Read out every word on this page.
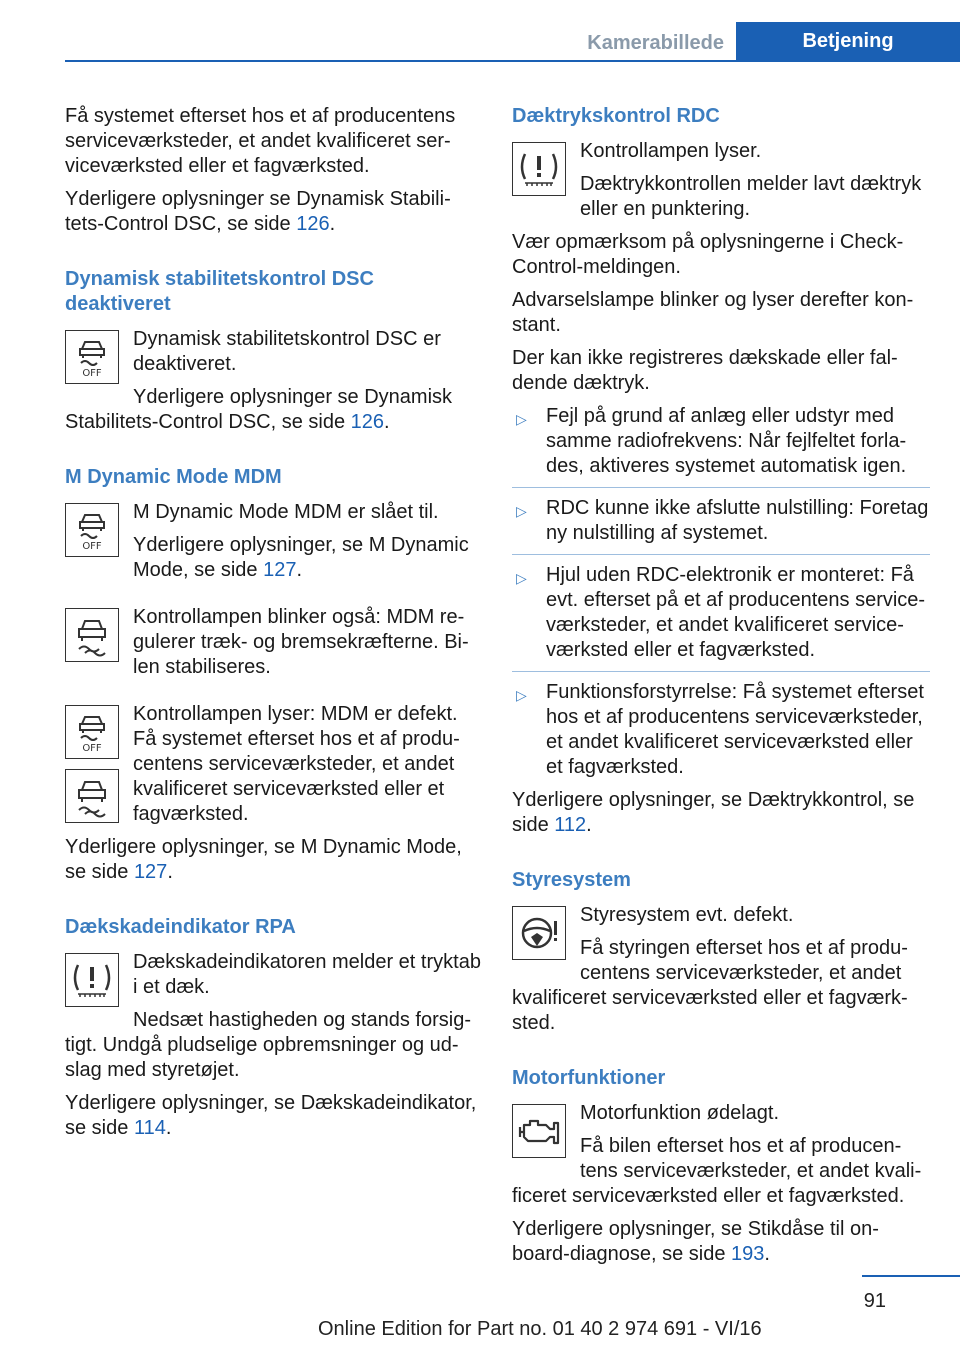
Kamerabillede	Betjening

Få systemet efterset hos et af producentens serviceværksteder, et andet kvalificeret ser‐viceværksted eller et fagværksted.

Yderligere oplysninger se Dynamisk Stabili‐tets-Control DSC, se side 126.

Dynamisk stabilitetskontrol DSC deaktiveret
OFF

Dynamisk stabilitetskontrol DSC er deaktiveret.

Yderligere oplysninger se Dynamisk Stabilitets-Control DSC, se side 126.

M Dynamic Mode MDM
OFF

M Dynamic Mode MDM er slået til.

Yderligere oplysninger, se M Dynamic Mode, se side 127.

Kontrollampen blinker også: MDM re‐gulerer træk- og bremsekræfterne. Bi‐len stabiliseres.

OFF

Kontrollampen lyser: MDM er defekt. Få systemet efterset hos et af produ‐centens serviceværksteder, et andet kvalificeret serviceværksted eller et fagværksted.

Yderligere oplysninger, se M Dynamic Mode, se side 127.

Dækskadeindikator RPA

Dækskadeindikatoren melder et tryktab i et dæk.

Nedsæt hastigheden og stands forsig‐tigt. Undgå pludselige opbremsninger og ud‐slag med styretøjet.

Yderligere oplysninger, se Dækskadeindikator, se side 114.

Dæktrykskontrol RDC

Kontrollampen lyser.

Dæktrykkontrollen melder lavt dæktryk eller en punktering.

Vær opmærksom på oplysningerne i Check-Control-meldingen.

Advarselslampe blinker og lyser derefter kon‐stant.

Der kan ikke registreres dækskade eller fal‐dende dæktryk.

▷ Fejl på grund af anlæg eller udstyr med samme radiofrekvens: Når fejlfeltet forla‐des, aktiveres systemet automatisk igen.
▷ RDC kunne ikke afslutte nulstilling: Foretag ny nulstilling af systemet.
▷ Hjul uden RDC-elektronik er monteret: Få evt. efterset på et af producentens service‐værksteder, et andet kvalificeret service‐værksted eller et fagværksted.
▷ Funktionsforstyrrelse: Få systemet efterset hos et af producentens serviceværksteder, et andet kvalificeret serviceværksted eller et fagværksted.

Yderligere oplysninger, se Dæktrykkontrol, se side 112.

Styresystem

Styresystem evt. defekt.

Få styringen efterset hos et af produ‐centens serviceværksteder, et andet kvalificeret serviceværksted eller et fagværk‐sted.

Motorfunktioner

Motorfunktion ødelagt.

Få bilen efterset hos et af producen‐tens serviceværksteder, et andet kvali‐ficeret serviceværksted eller et fagværksted.

Yderligere oplysninger, se Stikdåse til on‐board-diagnose, se side 193.

91
Online Edition for Part no. 01 40 2 974 691 - VI/16
